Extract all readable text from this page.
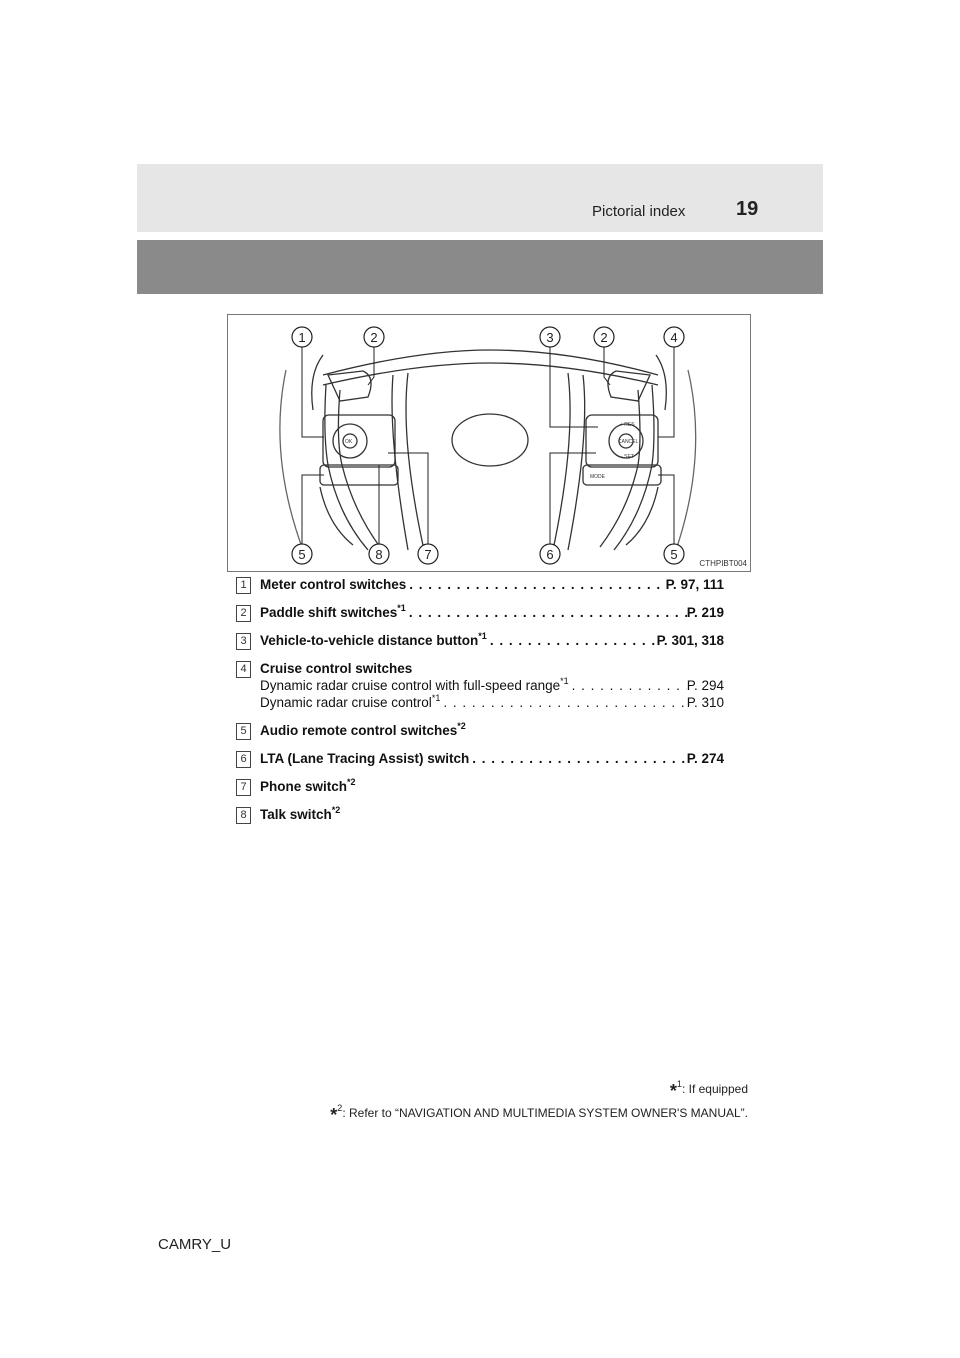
Pictorial index	19
OK
+ RES
CANCEL
– SET
MODE
1	2	3	2	4
5	8	7	6	5
CTHPIBT004
1 Meter control switches . . .	P. 97, 111
2 Paddle shift switches$^{*1}$ . . .	P. 219
3 Vehicle-to-vehicle distance button$^{*1}$ . . .	P. 301, 318
4 Cruise control switches
Dynamic radar cruise control with full-speed range$^{*1}$ . . .	P. 294
Dynamic radar cruise control$^{*1}$ . . .	P. 310
5 Audio remote control switches$^{*2}$
6 LTA (Lane Tracing Assist) switch . . .	P. 274
7 Phone switch$^{*2}$
8 Talk switch$^{*2}$
*$^1$: If equipped
*$^2$: Refer to “NAVIGATION AND MULTIMEDIA SYSTEM OWNER'S MANUAL”.
CAMRY_U
